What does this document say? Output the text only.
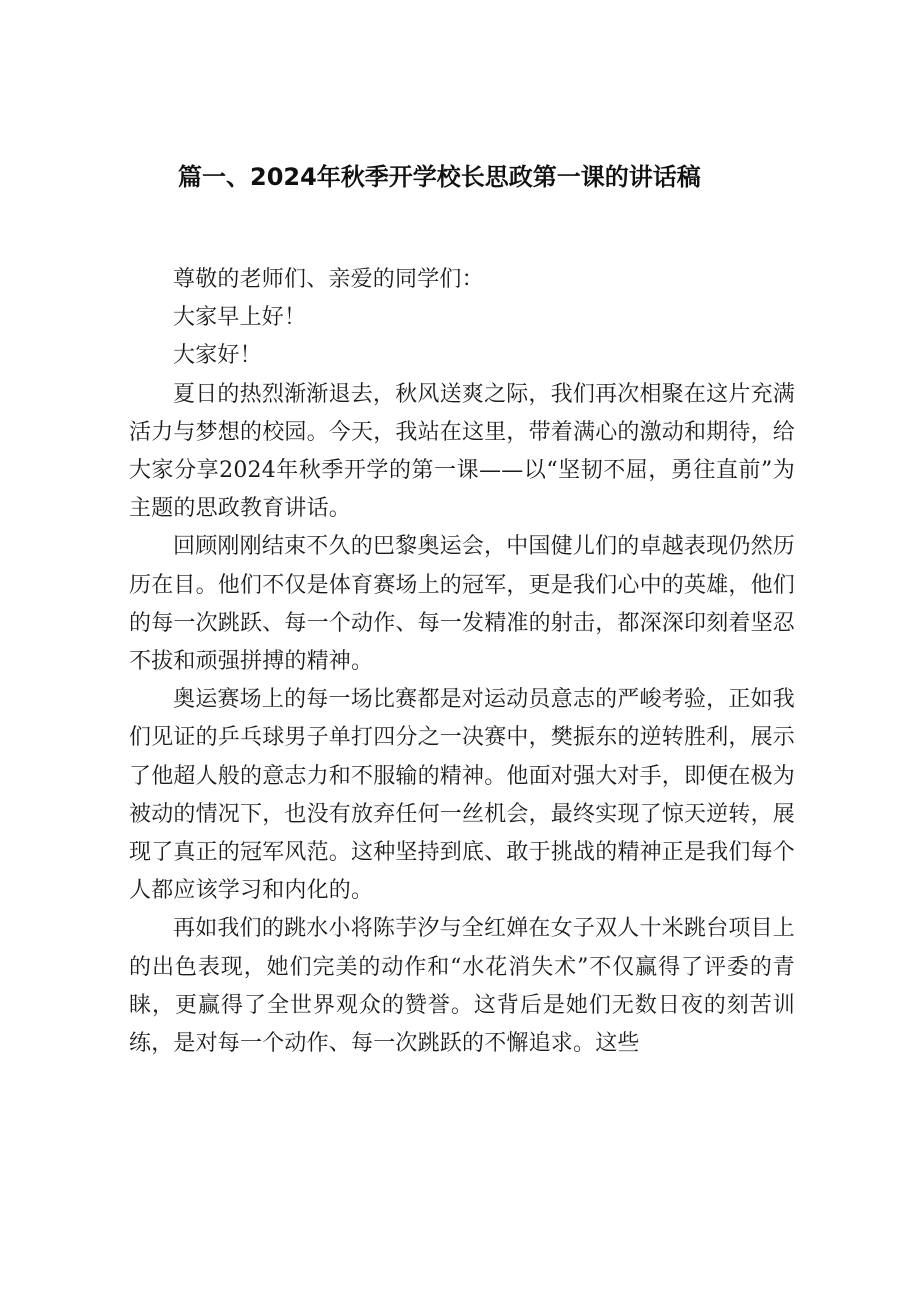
篇一、2024年秋季开学校长思政第一课的讲话稿

尊敬的老师们、亲爱的同学们：

大家早上好！

大家好！

夏日的热烈渐渐退去，秋风送爽之际，我们再次相聚在这片充满活力与梦想的校园。今天，我站在这里，带着满心的激动和期待，给大家分享2024年秋季开学的第一课——以“坚韧不屈，勇往直前”为主题的思政教育讲话。

回顾刚刚结束不久的巴黎奥运会，中国健儿们的卓越表现仍然历历在目。他们不仅是体育赛场上的冠军，更是我们心中的英雄，他们的每一次跳跃、每一个动作、每一发精准的射击，都深深印刻着坚忍不拔和顽强拼搏的精神。

奥运赛场上的每一场比赛都是对运动员意志的严峻考验，正如我们见证的乒乓球男子单打四分之一决赛中，樊振东的逆转胜利，展示了他超人般的意志力和不服输的精神。他面对强大对手，即便在极为被动的情况下，也没有放弃任何一丝机会，最终实现了惊天逆转，展现了真正的冠军风范。这种坚持到底、敢于挑战的精神正是我们每个人都应该学习和内化的。

再如我们的跳水小将陈芋汐与全红婵在女子双人十米跳台项目上的出色表现，她们完美的动作和“水花消失术”不仅赢得了评委的青睐，更赢得了全世界观众的赞誉。这背后是她们无数日夜的刻苦训练，是对每一个动作、每一次跳跃的不懈追求。这些
